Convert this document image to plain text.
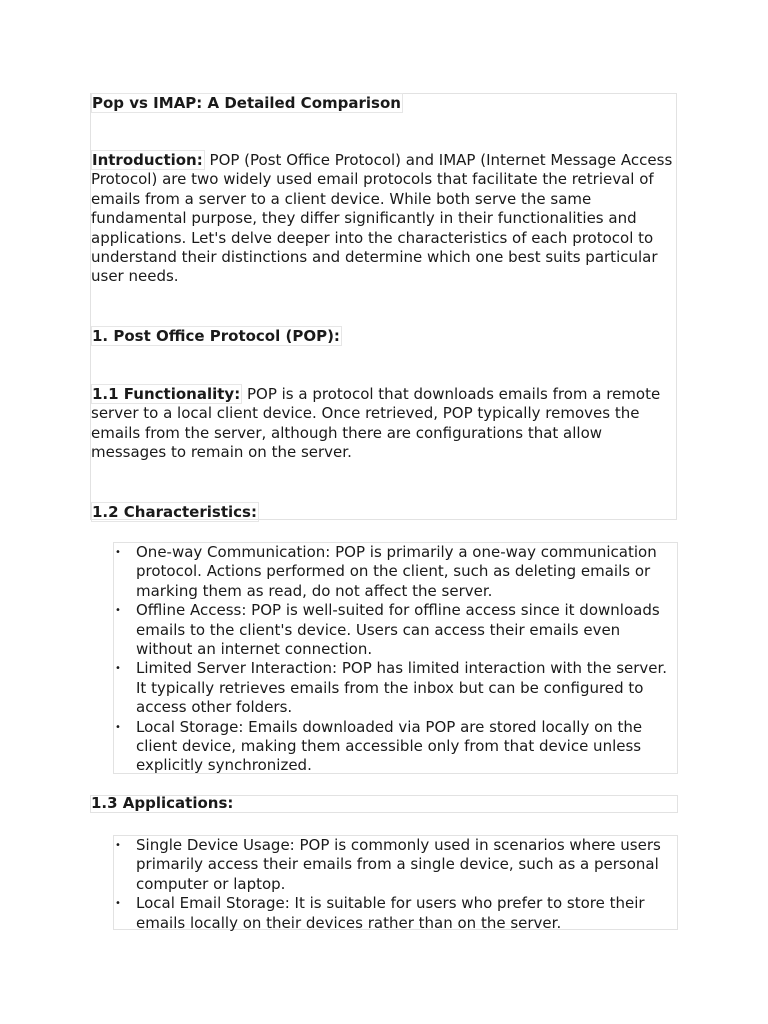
Pop vs IMAP: A Detailed Comparison

Introduction: POP (Post Office Protocol) and IMAP (Internet Message Access Protocol) are two widely used email protocols that facilitate the retrieval of emails from a server to a client device. While both serve the same fundamental purpose, they differ significantly in their functionalities and applications. Let's delve deeper into the characteristics of each protocol to understand their distinctions and determine which one best suits particular user needs.

1. Post Office Protocol (POP):

1.1 Functionality: POP is a protocol that downloads emails from a remote server to a local client device. Once retrieved, POP typically removes the emails from the server, although there are configurations that allow messages to remain on the server.

1.2 Characteristics:

• One-way Communication: POP is primarily a one-way communication protocol. Actions performed on the client, such as deleting emails or marking them as read, do not affect the server.
• Offline Access: POP is well-suited for offline access since it downloads emails to the client's device. Users can access their emails even without an internet connection.
• Limited Server Interaction: POP has limited interaction with the server. It typically retrieves emails from the inbox but can be configured to access other folders.
• Local Storage: Emails downloaded via POP are stored locally on the client device, making them accessible only from that device unless explicitly synchronized.

1.3 Applications:

• Single Device Usage: POP is commonly used in scenarios where users primarily access their emails from a single device, such as a personal computer or laptop.
• Local Email Storage: It is suitable for users who prefer to store their emails locally on their devices rather than on the server.
